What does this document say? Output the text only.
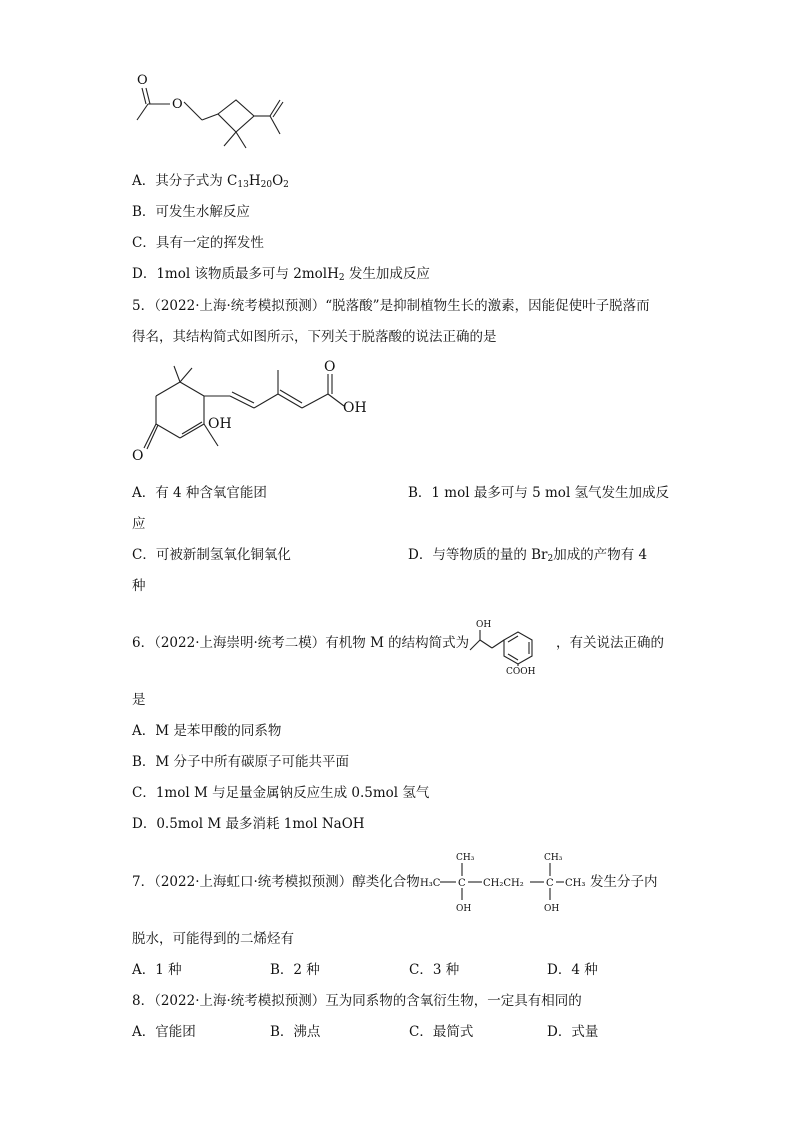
O
O
A．其分子式为 $C_{13}H_{20}O_2$
B．可发生水解反应
C．具有一定的挥发性
D．1mol 该物质最多可与 2molH$_2$ 发生加成反应
5．（2022·上海·统考模拟预测）“脱落酸”是抑制植物生长的激素，因能促使叶子脱落而
得名，其结构简式如图所示，下列关于脱落酸的说法正确的是
O
OH
O
OH
A．有 4 种含氧官能团	B．1 mol 最多可与 5 mol 氢气发生加成反
应
C．可被新制氢氧化铜氧化	D．与等物质的量的 $Br_2$加成的产物有 4
种
6．（2022·上海崇明·统考二模）有机物 M 的结构简式为
OH
COOH
，有关说法正确的
是
A．M 是苯甲酸的同系物
B．M 分子中所有碳原子可能共平面
C．1mol M 与足量金属钠反应生成 0.5mol 氢气
D．0.5mol M 最多消耗 1mol NaOH
7．（2022·上海虹口·统考模拟预测）醇类化合物
CH₃
H₃C C CH₂CH₂ C CH₃
CH₃
OH	OH
发生分子内
脱水，可能得到的二烯烃有
A．1 种	B．2 种	C．3 种	D．4 种
8．（2022·上海·统考模拟预测）互为同系物的含氧衍生物，一定具有相同的
A．官能团	B．沸点	C．最简式	D．式量
